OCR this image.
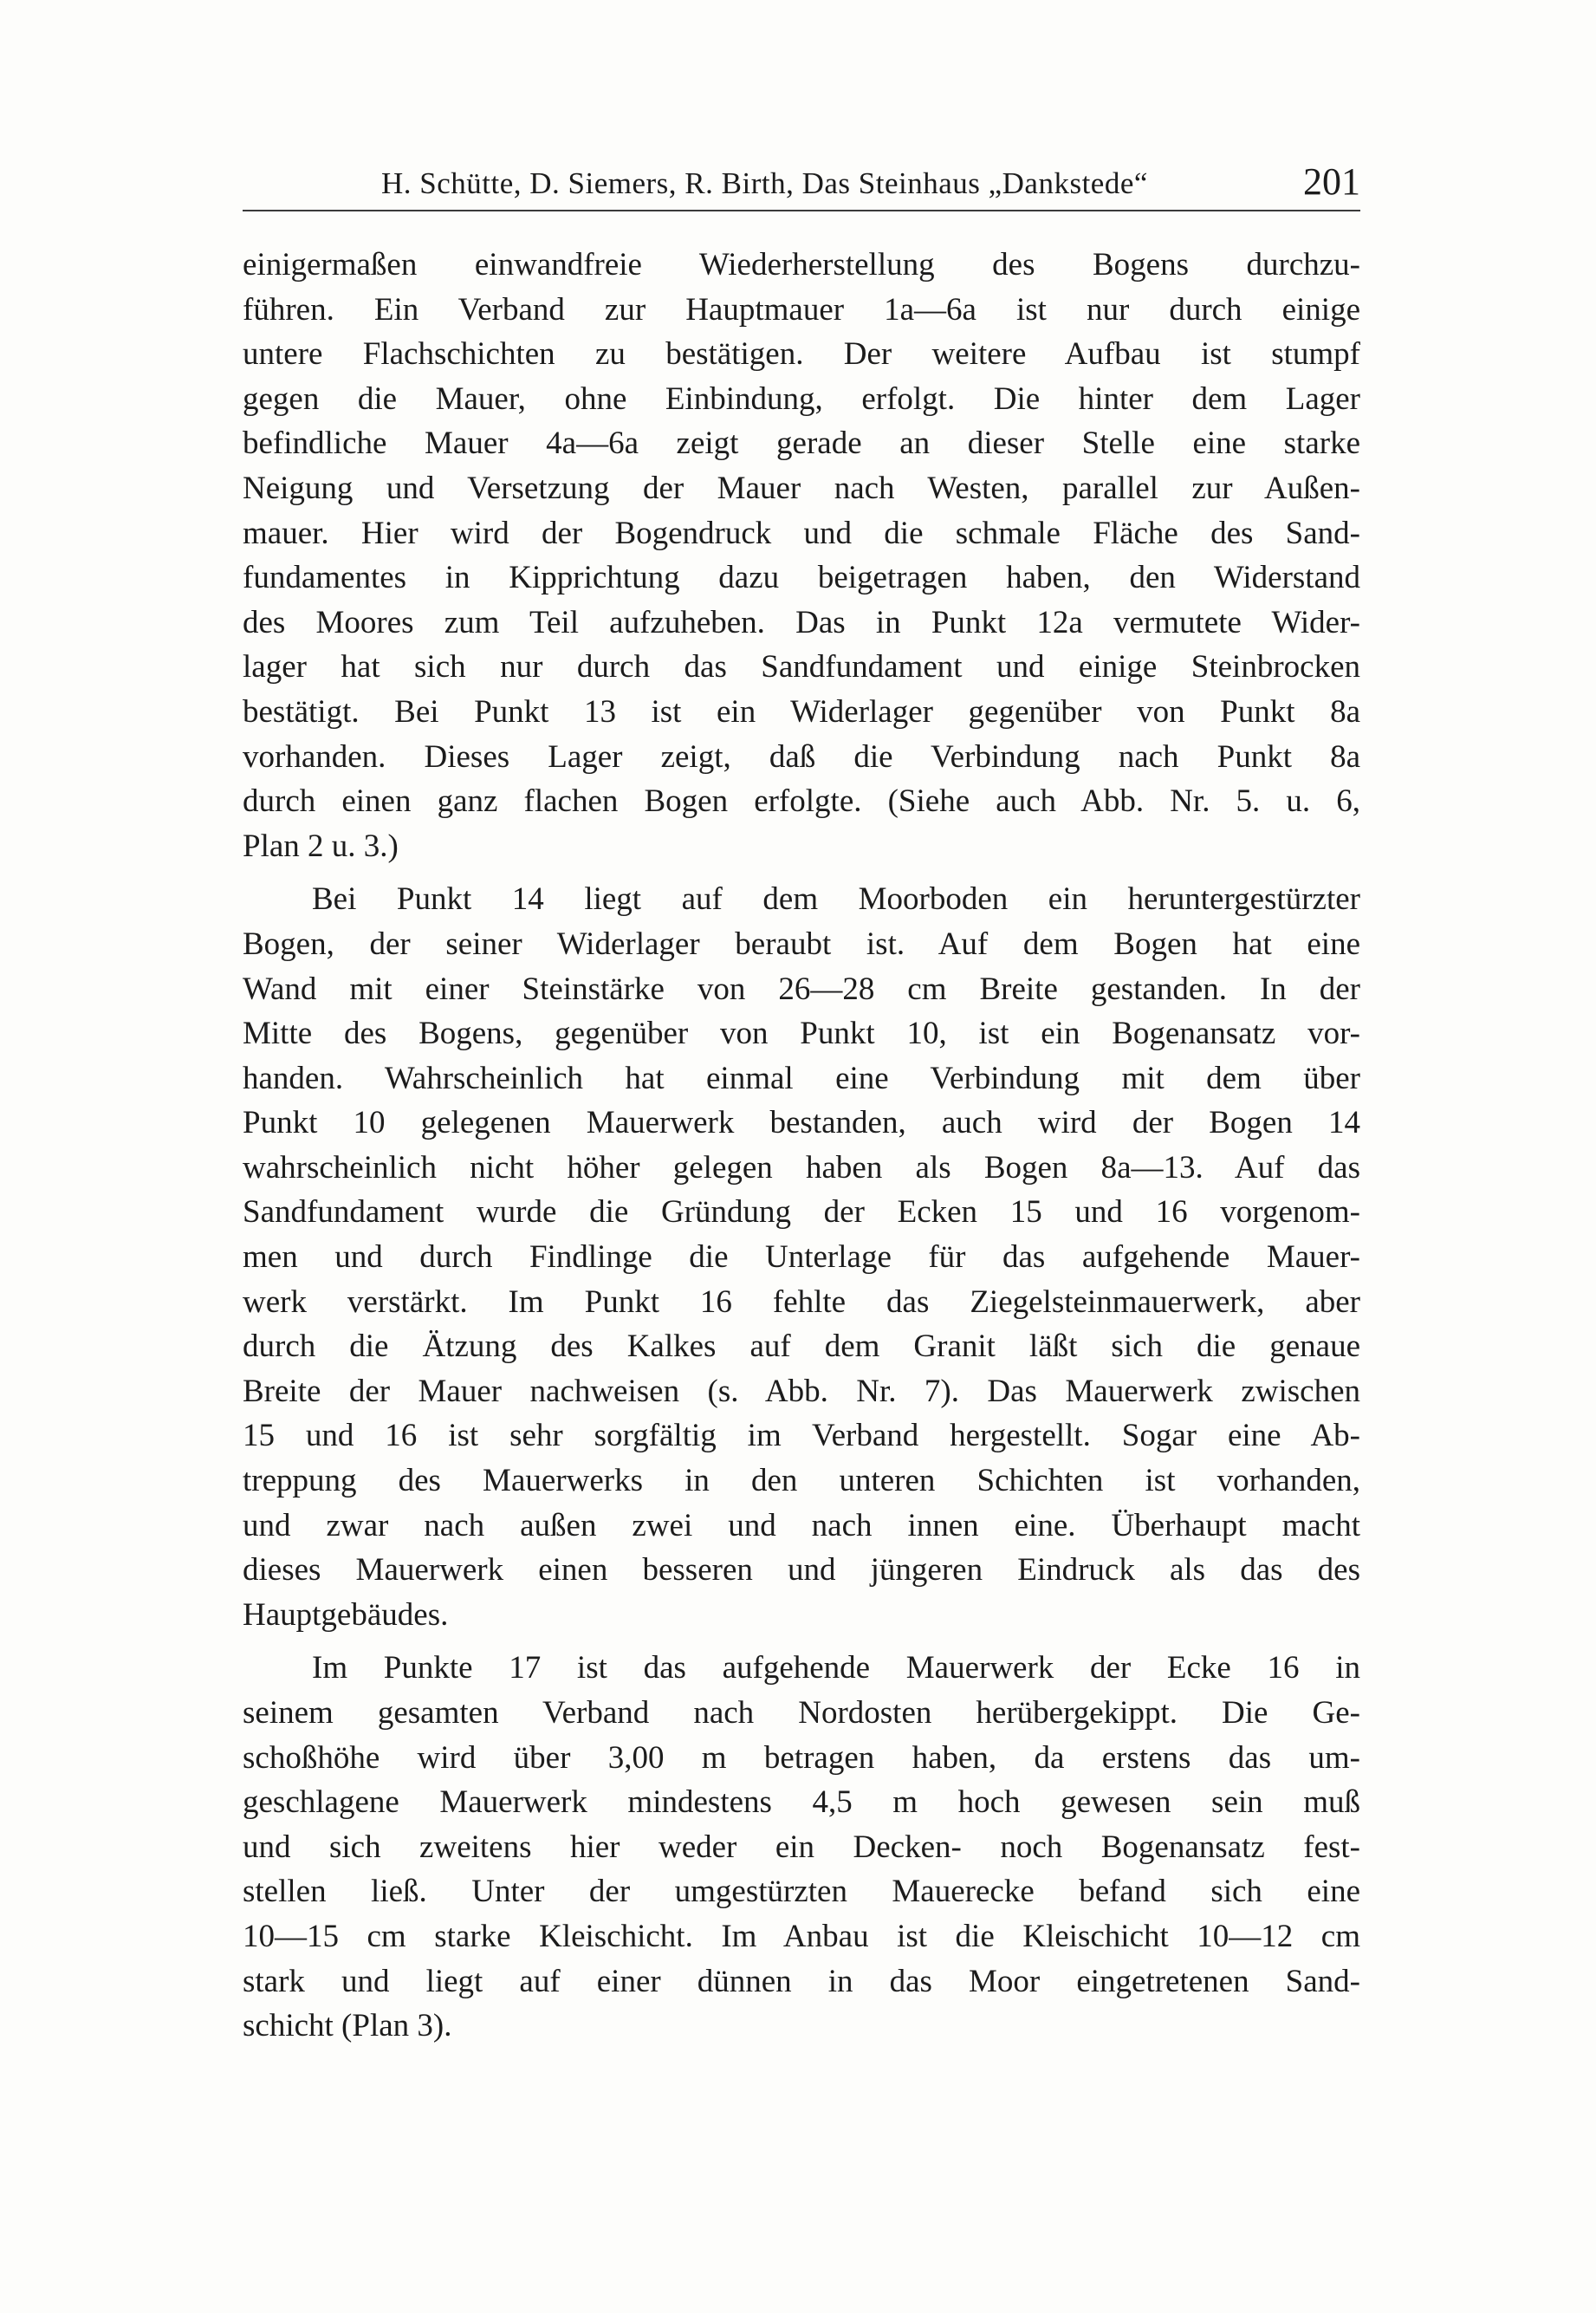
H. Schütte, D. Siemers, R. Birth, Das Steinhaus „Dankstede“	201

einigermaßen einwandfreie Wiederherstellung des Bogens durchzu-
führen. Ein Verband zur Hauptmauer 1a—6a ist nur durch einige
untere Flachschichten zu bestätigen. Der weitere Aufbau ist stumpf
gegen die Mauer, ohne Einbindung, erfolgt. Die hinter dem Lager
befindliche Mauer 4a—6a zeigt gerade an dieser Stelle eine starke
Neigung und Versetzung der Mauer nach Westen, parallel zur Außen-
mauer. Hier wird der Bogendruck und die schmale Fläche des Sand-
fundamentes in Kipprichtung dazu beigetragen haben, den Widerstand
des Moores zum Teil aufzuheben. Das in Punkt 12a vermutete Wider-
lager hat sich nur durch das Sandfundament und einige Steinbrocken
bestätigt. Bei Punkt 13 ist ein Widerlager gegenüber von Punkt 8a
vorhanden. Dieses Lager zeigt, daß die Verbindung nach Punkt 8a
durch einen ganz flachen Bogen erfolgte. (Siehe auch Abb. Nr. 5. u. 6,
Plan 2 u. 3.)

Bei Punkt 14 liegt auf dem Moorboden ein heruntergestürzter
Bogen, der seiner Widerlager beraubt ist. Auf dem Bogen hat eine
Wand mit einer Steinstärke von 26—28 cm Breite gestanden. In der
Mitte des Bogens, gegenüber von Punkt 10, ist ein Bogenansatz vor-
handen. Wahrscheinlich hat einmal eine Verbindung mit dem über
Punkt 10 gelegenen Mauerwerk bestanden, auch wird der Bogen 14
wahrscheinlich nicht höher gelegen haben als Bogen 8a—13. Auf das
Sandfundament wurde die Gründung der Ecken 15 und 16 vorgenom-
men und durch Findlinge die Unterlage für das aufgehende Mauer-
werk verstärkt. Im Punkt 16 fehlte das Ziegelsteinmauerwerk, aber
durch die Ätzung des Kalkes auf dem Granit läßt sich die genaue
Breite der Mauer nachweisen (s. Abb. Nr. 7). Das Mauerwerk zwischen
15 und 16 ist sehr sorgfältig im Verband hergestellt. Sogar eine Ab-
treppung des Mauerwerks in den unteren Schichten ist vorhanden,
und zwar nach außen zwei und nach innen eine. Überhaupt macht
dieses Mauerwerk einen besseren und jüngeren Eindruck als das des
Hauptgebäudes.

Im Punkte 17 ist das aufgehende Mauerwerk der Ecke 16 in
seinem gesamten Verband nach Nordosten herübergekippt. Die Ge-
schoßhöhe wird über 3,00 m betragen haben, da erstens das um-
geschlagene Mauerwerk mindestens 4,5 m hoch gewesen sein muß
und sich zweitens hier weder ein Decken- noch Bogenansatz fest-
stellen ließ. Unter der umgestürzten Mauerecke befand sich eine
10—15 cm starke Kleischicht. Im Anbau ist die Kleischicht 10—12 cm
stark und liegt auf einer dünnen in das Moor eingetretenen Sand-
schicht (Plan 3).
